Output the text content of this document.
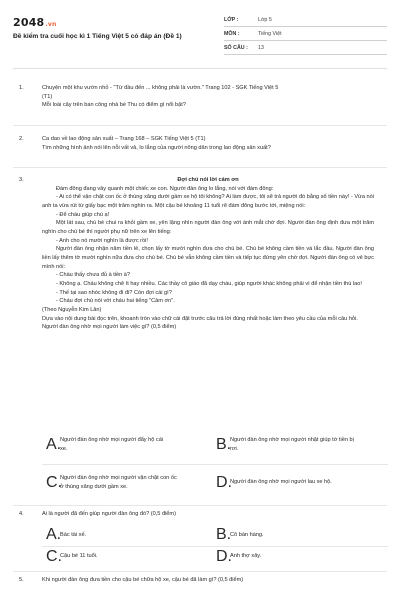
2048.vn
Đề kiểm tra cuối học kì 1 Tiếng Việt 5 có đáp án (Đề 1)
LỚP :	Lớp 5
MÔN :	Tiếng Việt
SỐ CÂU :	13
1.	Chuyện một khu vườn nhỏ - "Từ đầu đến ... không phải là vườn." Trang 102 - SGK Tiếng Việt 5

(T1)

Mỗi loài cây trên ban công nhà bé Thu có điểm gì nổi bật?

2.	Ca dao về lao động sản xuất – Trang 168 – SGK Tiếng Việt 5 (T1)

Tìm những hình ảnh nói lên nỗi vất vả, lo lắng của người nông dân trong lao động sản xuất?

3.	Đợi chú nói lời cảm ơn

Đám đông đang vây quanh một chiếc xe con. Người đàn ông lo lắng, nói với đám đông:

- Ai có thể vặn chặt con ốc ở thùng xăng dưới gầm xe hộ tôi không? Ai làm được, tôi sẽ trả người đó bằng số tiền này! - Vừa nói anh ta vừa rút từ giấy bạc một trăm nghìn ra. Một cậu bé khoảng 11 tuổi rẽ đám đông bước tới, miệng nói:

- Để cháu giúp chú ạ!

Một lát sau, chú bé chui ra khỏi gầm xe, yên lặng nhìn người đàn ông với ánh mắt chờ đợi. Người đàn ông định đưa một trăm nghìn cho chú bé thì người phụ nữ trên xe lên tiếng:

- Anh cho nó mười nghìn là được rồi!

Người đàn ông nhận năm tiền lẻ, chọn lấy tờ mười nghìn đưa cho chú bé. Chú bé không cầm tiền và lắc đầu. Người đàn ông liền lấy thêm tờ mười nghìn nữa đưa cho chú bé. Chú bé vẫn không cầm tiền và tiếp tục đứng yên chờ đợi. Người đàn ông có vẻ bực mình nói:

- Chàu thấy chưa đủ à tiền à?

- Không ạ. Cháu không chê ít hay nhiều. Các thầy cô giáo đã dạy cháu, giúp người khác không phải vì để nhận tiền thù lao!

- Thế tại sao nhóc không đi đi? Còn đợi cái gì?

- Cháu đợi chú nói với cháu hai tiếng "Cảm ơn".

(Theo Nguyễn Kim Lân)

Dựa vào nội dung bài đọc trên, khoanh tròn vào chữ cái đặt trước câu trả lời đúng nhất hoặc làm theo yêu cầu của mỗi câu hỏi.

Người đàn ông nhờ mọi người làm việc gì? (0,5 điểm)

A.
Người đàn ông nhờ mọi người đẩy hộ cái xe.	B.
Người đàn ông nhờ mọi người nhặt giúp tờ tiền bị rơi.
C.
Người đàn ông nhờ mọi người vặn chặt con ốc ở thùng xăng dưới gầm xe.	D.
Người đàn ông nhờ mọi người lau xe hộ.
4.	Ai là người đã đến giúp người đàn ông đó? (0,5 điểm)

A.
Bác tài xế.	B.
Cô bán hàng.
C.
Cậu bé 11 tuổi.	D.
Anh thợ xây.
5.	Khi người đàn ông đưa tiền cho cậu bé chữa hộ xe, cậu bé đã làm gì? (0,5 điểm)
